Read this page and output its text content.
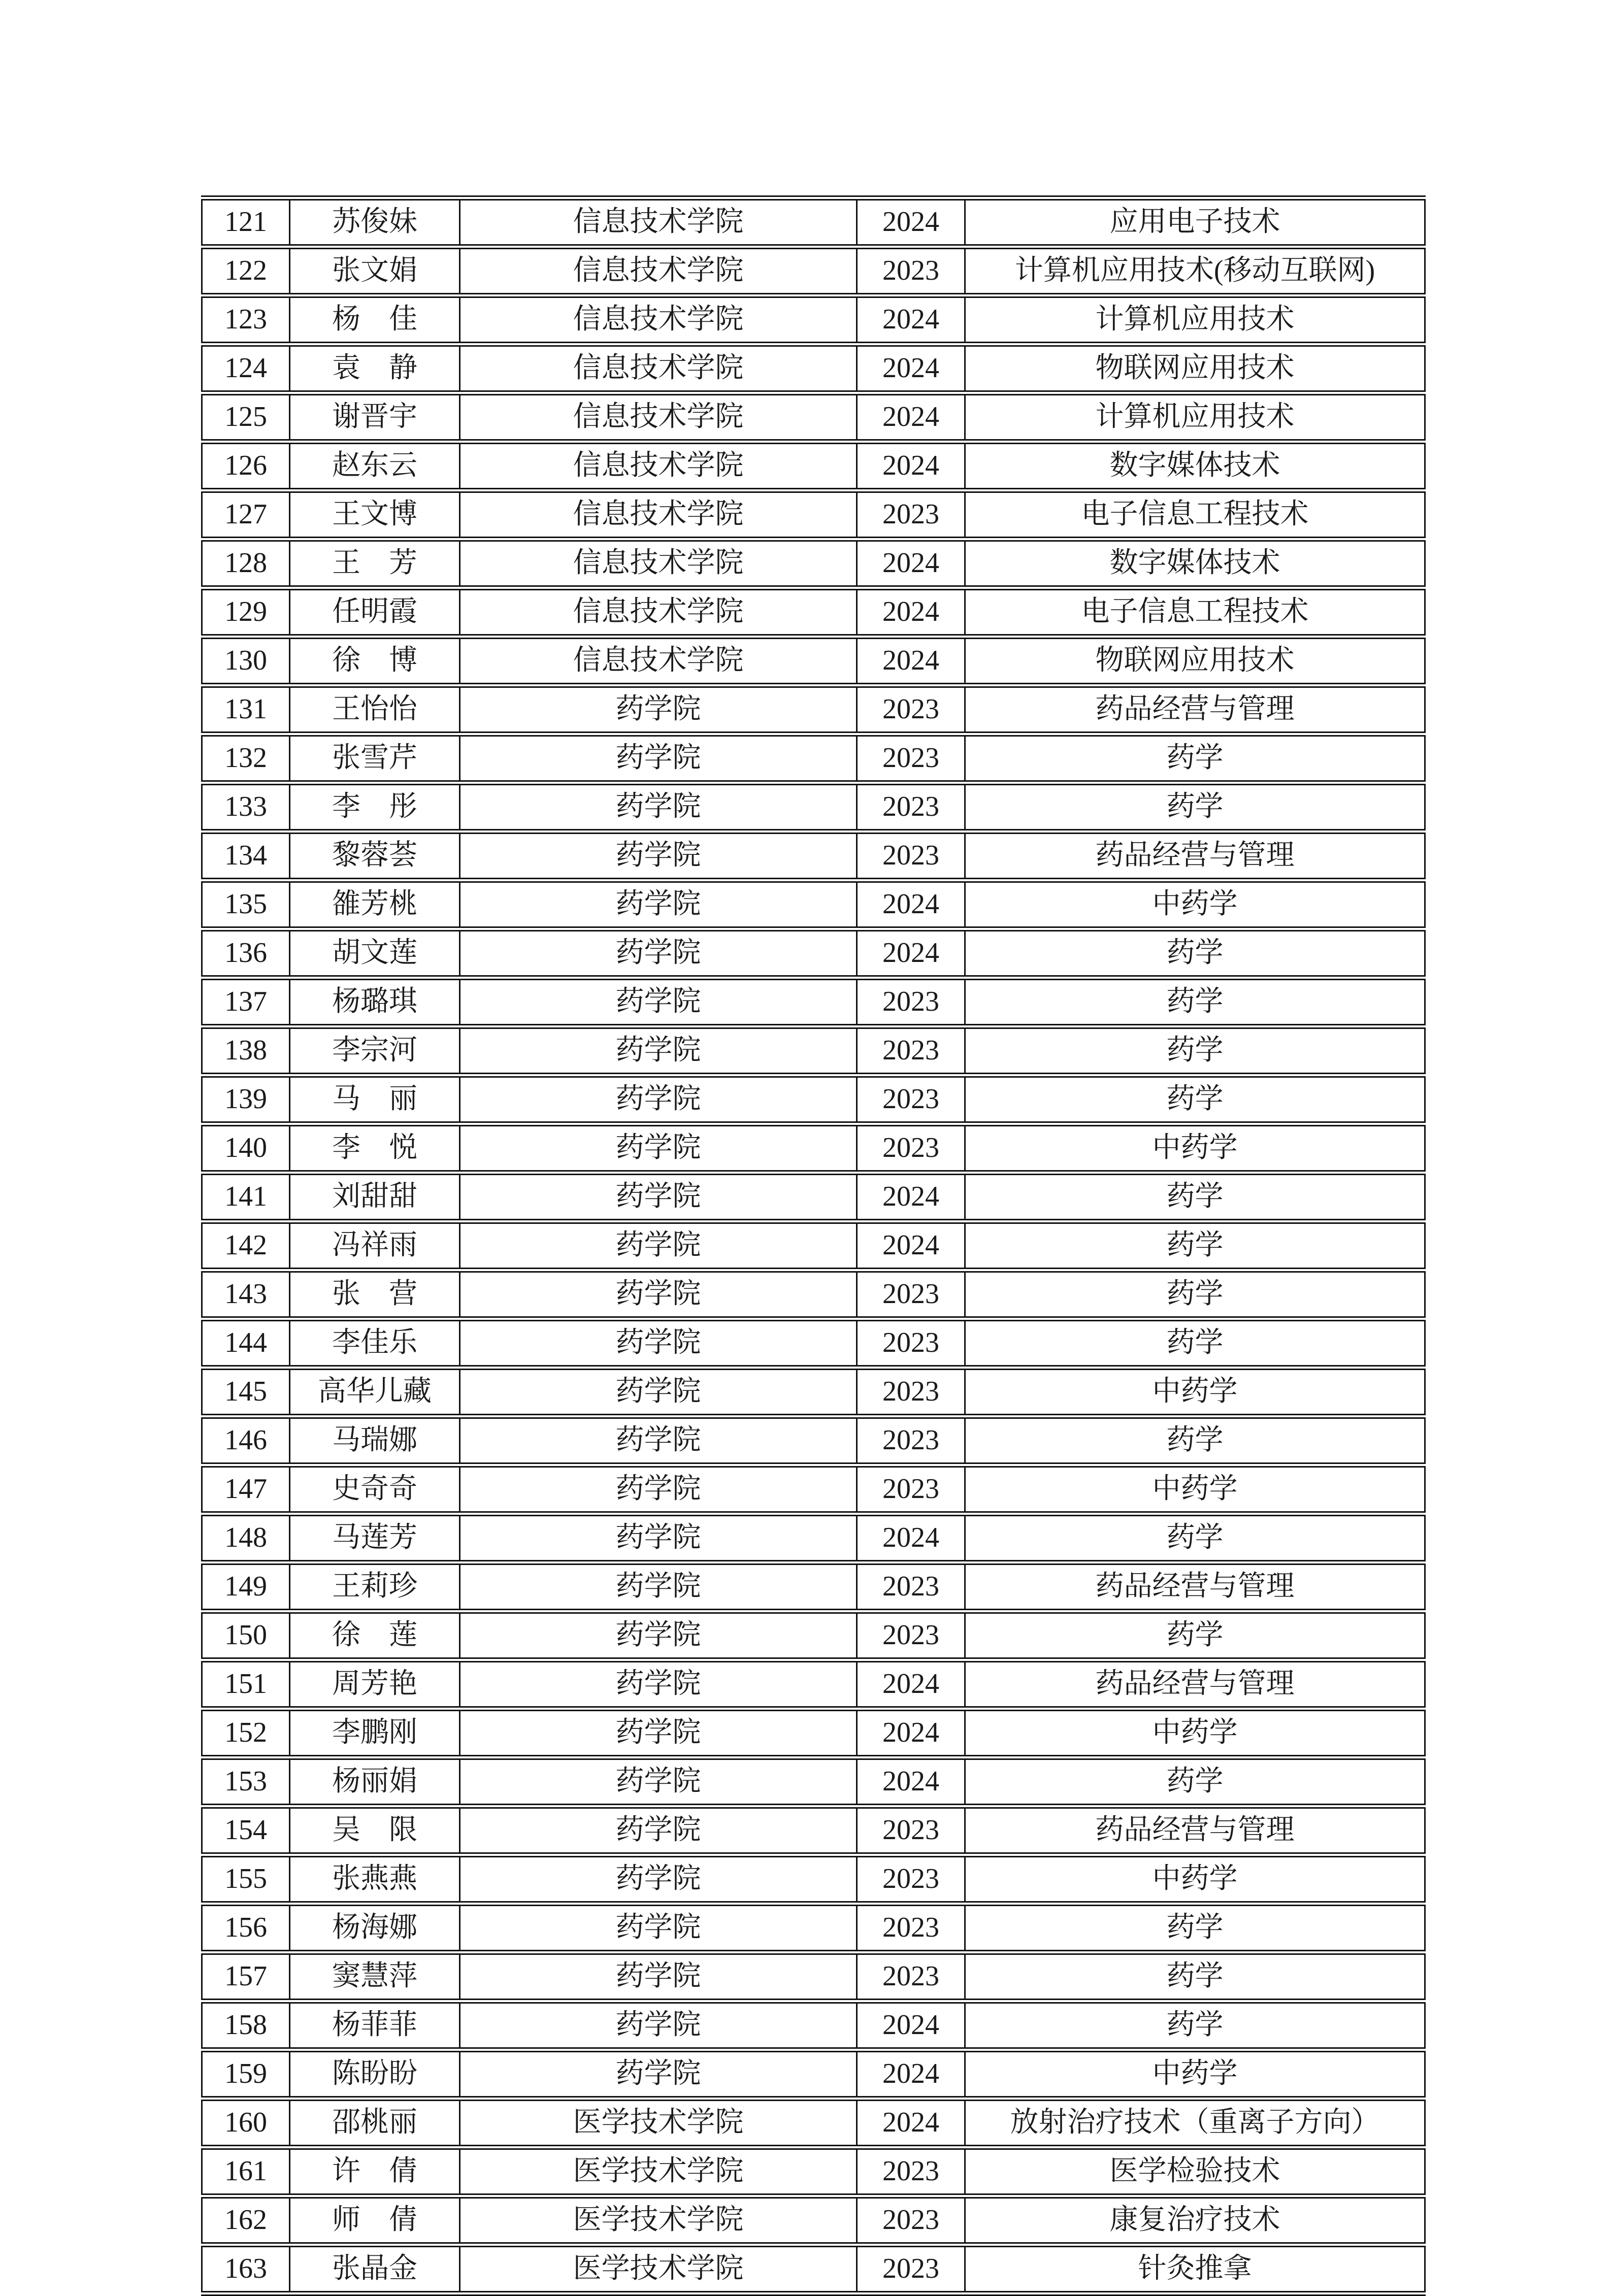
121	苏俊妹	信息技术学院	2024	应用电子技术
122	张文娟	信息技术学院	2023	计算机应用技术(移动互联网)
123	杨佳	信息技术学院	2024	计算机应用技术
124	袁静	信息技术学院	2024	物联网应用技术
125	谢晋宇	信息技术学院	2024	计算机应用技术
126	赵东云	信息技术学院	2024	数字媒体技术
127	王文博	信息技术学院	2023	电子信息工程技术
128	王芳	信息技术学院	2024	数字媒体技术
129	任明霞	信息技术学院	2024	电子信息工程技术
130	徐博	信息技术学院	2024	物联网应用技术
131	王怡怡	药学院	2023	药品经营与管理
132	张雪芹	药学院	2023	药学
133	李彤	药学院	2023	药学
134	黎蓉荟	药学院	2023	药品经营与管理
135	雒芳桃	药学院	2024	中药学
136	胡文莲	药学院	2024	药学
137	杨璐琪	药学院	2023	药学
138	李宗河	药学院	2023	药学
139	马丽	药学院	2023	药学
140	李悦	药学院	2023	中药学
141	刘甜甜	药学院	2024	药学
142	冯祥雨	药学院	2024	药学
143	张营	药学院	2023	药学
144	李佳乐	药学院	2023	药学
145	高华儿藏	药学院	2023	中药学
146	马瑞娜	药学院	2023	药学
147	史奇奇	药学院	2023	中药学
148	马莲芳	药学院	2024	药学
149	王莉珍	药学院	2023	药品经营与管理
150	徐莲	药学院	2023	药学
151	周芳艳	药学院	2024	药品经营与管理
152	李鹏刚	药学院	2024	中药学
153	杨丽娟	药学院	2024	药学
154	吴限	药学院	2023	药品经营与管理
155	张燕燕	药学院	2023	中药学
156	杨海娜	药学院	2023	药学
157	窦慧萍	药学院	2023	药学
158	杨菲菲	药学院	2024	药学
159	陈盼盼	药学院	2024	中药学
160	邵桃丽	医学技术学院	2024	放射治疗技术（重离子方向）
161	许倩	医学技术学院	2023	医学检验技术
162	师倩	医学技术学院	2023	康复治疗技术
163	张晶金	医学技术学院	2023	针灸推拿
